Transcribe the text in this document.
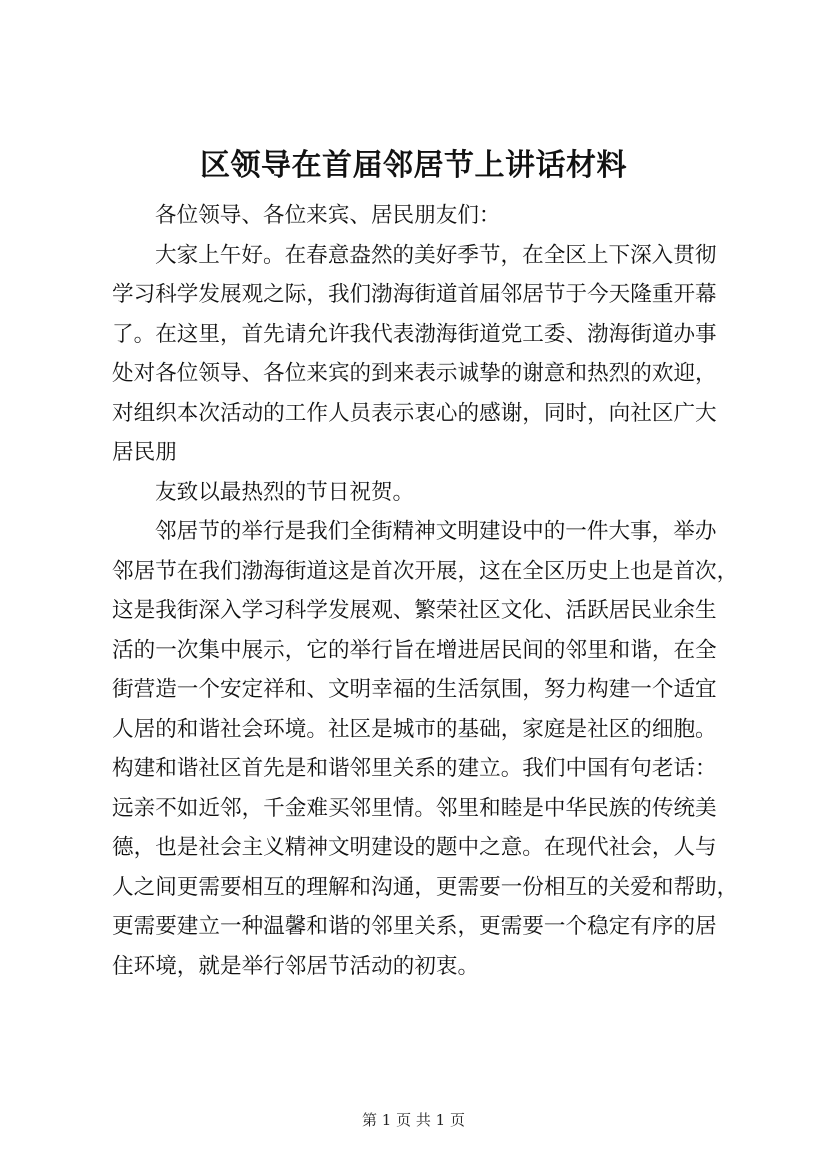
区领导在首届邻居节上讲话材料
各位领导、各位来宾、居民朋友们：
大家上午好。在春意盎然的美好季节，在全区上下深入贯彻
学习科学发展观之际，我们渤海街道首届邻居节于今天隆重开幕
了。在这里，首先请允许我代表渤海街道党工委、渤海街道办事
处对各位领导、各位来宾的到来表示诚挚的谢意和热烈的欢迎，
对组织本次活动的工作人员表示衷心的感谢，同时，向社区广大
居民朋
友致以最热烈的节日祝贺。
邻居节的举行是我们全街精神文明建设中的一件大事，举办
邻居节在我们渤海街道这是首次开展，这在全区历史上也是首次，
这是我街深入学习科学发展观、繁荣社区文化、活跃居民业余生
活的一次集中展示，它的举行旨在增进居民间的邻里和谐，在全
街营造一个安定祥和、文明幸福的生活氛围，努力构建一个适宜
人居的和谐社会环境。社区是城市的基础，家庭是社区的细胞。
构建和谐社区首先是和谐邻里关系的建立。我们中国有句老话：
远亲不如近邻，千金难买邻里情。邻里和睦是中华民族的传统美
德，也是社会主义精神文明建设的题中之意。在现代社会，人与
人之间更需要相互的理解和沟通，更需要一份相互的关爱和帮助，
更需要建立一种温馨和谐的邻里关系，更需要一个稳定有序的居
住环境，就是举行邻居节活动的初衷。
第 1 页 共 1 页
